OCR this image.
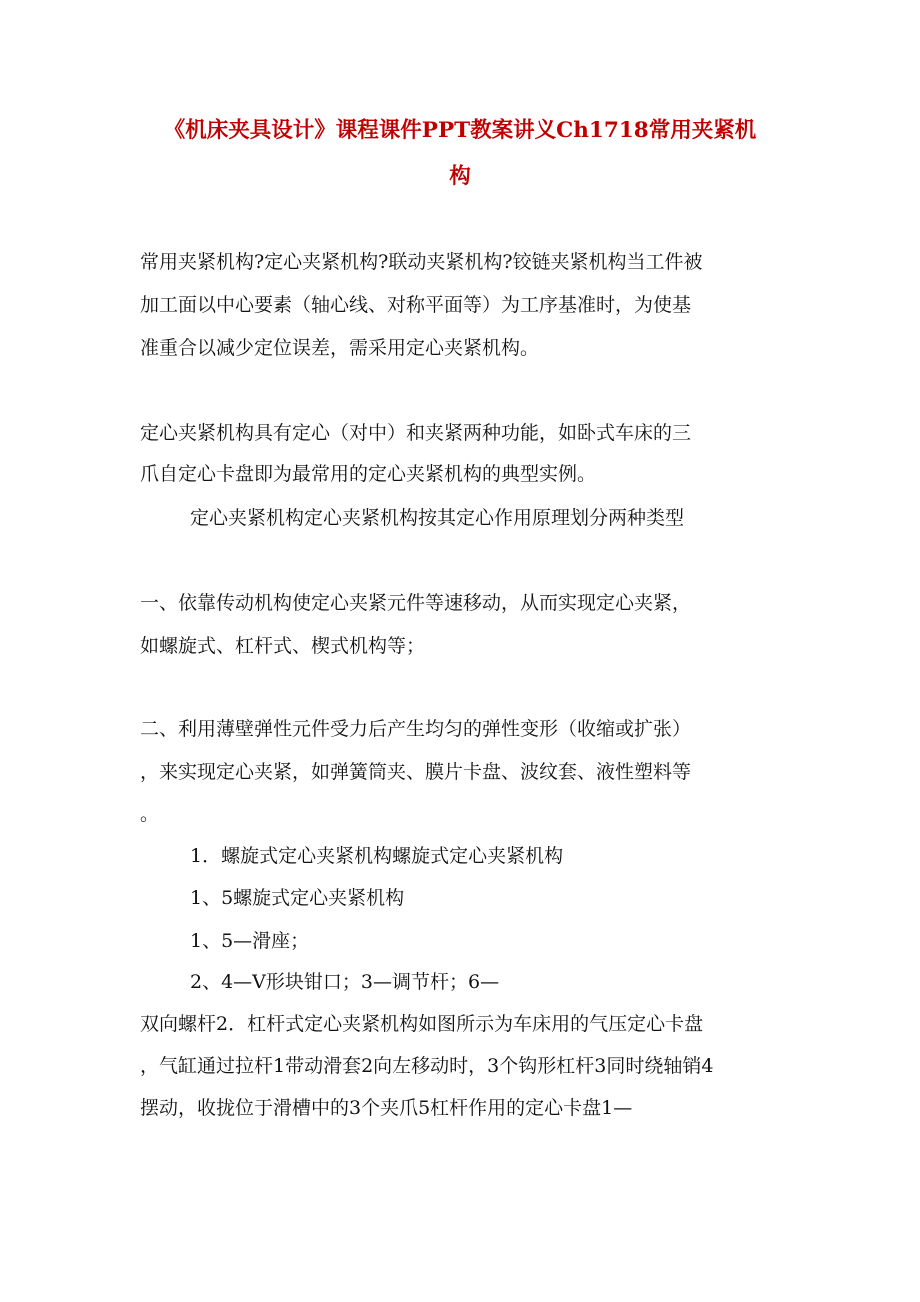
《机床夹具设计》课程课件PPT教案讲义Ch1718常用夹紧机
构

常用夹紧机构?定心夹紧机构?联动夹紧机构?铰链夹紧机构当工件被

加工面以中心要素（轴心线、对称平面等）为工序基准时，为使基

准重合以减少定位误差，需采用定心夹紧机构。

定心夹紧机构具有定心（对中）和夹紧两种功能，如卧式车床的三

爪自定心卡盘即为最常用的定心夹紧机构的典型实例。

定心夹紧机构定心夹紧机构按其定心作用原理划分两种类型

一、依靠传动机构使定心夹紧元件等速移动，从而实现定心夹紧，

如螺旋式、杠杆式、楔式机构等；

二、利用薄壁弹性元件受力后产生均匀的弹性变形（收缩或扩张）

，来实现定心夹紧，如弹簧筒夹、膜片卡盘、波纹套、液性塑料等

。

1．螺旋式定心夹紧机构螺旋式定心夹紧机构

1、5螺旋式定心夹紧机构

1、5—滑座；

2、4—V形块钳口；3—调节杆；6—

双向螺杆2．杠杆式定心夹紧机构如图所示为车床用的气压定心卡盘

，气缸通过拉杆1带动滑套2向左移动时，3个钩形杠杆3同时绕轴销4

摆动，收拢位于滑槽中的3个夹爪5杠杆作用的定心卡盘1—
